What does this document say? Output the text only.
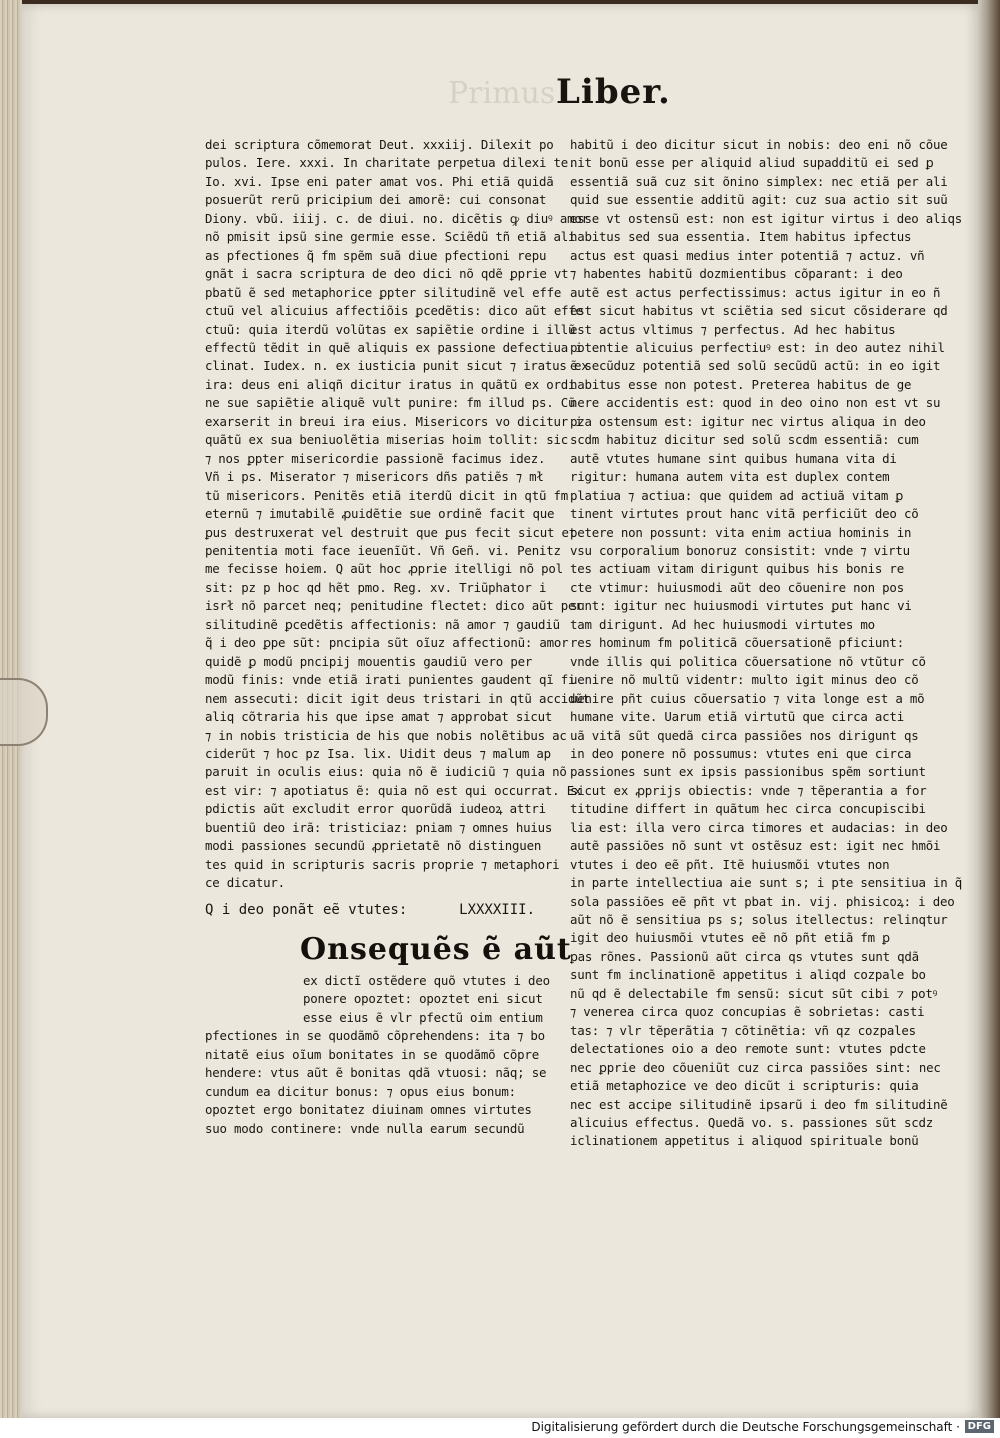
Primus Liber.
dei scriptura cõmemorat Deut. xxxiij. Dilexit po
pulos. Iere. xxxi. In charitate perpetua dilexi te.
Io. xvi. Ipse eni pater amat vos. Phi etiã quidã
posuerũt rerũ pricipium dei amorẽ: cui consonat
Diony. vbũ. iiij. c. de diui. no. dicẽtis ꝙ diuꝰ amor
nõ pmisit ipsũ sine germie esse. Sciẽdũ tñ etiã ali
as pfectiones q̃ fm spẽm suã diue pfectioni repu
gnãt i sacra scriptura de deo dici nõ qdẽ ꝑprie vt
pbatũ ẽ sed metaphorice ꝑpter silitudinẽ vel effe
ctuũ vel alicuius affectiõis ꝑcedẽtis: dico aũt effe
ctuũ: quia iterdũ volũtas ex sapiẽtie ordine i illũ
effectũ tẽdit in quẽ aliquis ex passione defectiua i
clinat. Iudex. n. ex iusticia punit sicut ⁊ iratus ex
ira: deus eni aliqñ dicitur iratus in quãtũ ex ordi
ne sue sapiẽtie aliquẽ vult punire: fm illud ps. Cũ
exarserit in breui ira eius. Misericors vo dicitur i
quãtũ ex sua beniuolẽtia miserias hoim tollit: sic
⁊ nos ꝑpter misericordie passionẽ facimus idez.
Vñ i ps. Miserator ⁊ misericors dñs patiẽs ⁊ mł
tũ misericors. Penitẽs etiã iterdũ dicit in qtũ fm
eternũ ⁊ imutabilẽ ꝓuidẽtie sue ordinẽ facit que
ꝑus destruxerat vel destruit que ꝑus fecit sicut et
penitentia moti face ieuenĩũt. Vñ Geñ. vi. Penitz
me fecisse hoiem. Q aũt hoc ꝓprie itelligi nõ pol
sit: pz p hoc qd hẽt pmo. Reg. xv. Triũphator i
isrł nõ parcet neq; penitudine flectet: dico aũt per
silitudinẽ ꝑcedẽtis affectionis: nã amor ⁊ gaudiũ
q̃ i deo ꝑpe sũt: pncipia sũt oĩuz affectionũ: amor
quidẽ ꝑ modũ pncipij mouentis gaudiũ vero per
modũ finis: vnde etiã irati punientes gaudent qĩ fi
nem assecuti: dicit igit deus tristari in qtũ accidũt
aliq cõtraria his que ipse amat ⁊ approbat sicut
⁊ in nobis tristicia de his que nobis nolẽtibus ac
ciderũt ⁊ hoc pz Isa. lix. Uidit deus ⁊ malum ap
paruit in oculis eius: quia nõ ẽ iudiciũ ⁊ quia nõ
est vir: ⁊ apotiatus ẽ: quia nõ est qui occurrat. Ex
pdictis aũt excludit error quorũdã iudeoꝝ attri
buentiũ deo irã: tristiciaz: pniam ⁊ omnes huius
modi passiones secundũ ꝓprietatẽ nõ distinguen
tes quid in scripturis sacris proprie ⁊ metaphori
ce dicatur.
Q i deo ponãt eẽ vtutes:	LXXXXIII.
Onsequẽs ẽ aũt
ex dictĩ ostẽdere quõ vtutes i deo
ponere opoztet: opoztet eni sicut
esse eius ẽ vlr pfectũ oim entium
pfectiones in se quodãmõ cõprehendens: ita ⁊ bo
nitatẽ eius oĩum bonitates in se quodãmõ cõpre
hendere: vtus aũt ẽ bonitas qdã vtuosi: nãq; se
cundum ea dicitur bonus: ⁊ opus eius bonum:
opoztet ergo bonitatez diuinam omnes virtutes
suo modo continere: vnde nulla earum secundũ
habitũ i deo dicitur sicut in nobis: deo eni nõ cõue
nit bonũ esse per aliquid aliud supadditũ ei sed ꝑ
essentiã suã cuz sit õnino simplex: nec etiã per ali
quid sue essentie additũ agit: cuz sua actio sit suũ
esse vt ostensũ est: non est igitur virtus i deo aliqs
habitus sed sua essentia. Item habitus ipfectus
actus est quasi medius inter potentiã ⁊ actuz. vñ
⁊ habentes habitũ dozmientibus cõparant: i deo
autẽ est actus perfectissimus: actus igitur in eo ñ
est sicut habitus vt sciẽtia sed sicut cõsiderare qd
est actus vltimus ⁊ perfectus. Ad hec habitus
potentie alicuius perfectiuꝰ est: in deo autez nihil
ẽ secũduz potentiã sed solũ secũdũ actũ: in eo igit
habitus esse non potest. Preterea habitus de ge
nere accidentis est: quod in deo oino non est vt su
pza ostensum est: igitur nec virtus aliqua in deo
scdm habituz dicitur sed solũ scdm essentiã: cum
autẽ vtutes humane sint quibus humana vita di
rigitur: humana autem vita est duplex contem
platiua ⁊ actiua: que quidem ad actiuã vitam ꝑ
tinent virtutes prout hanc vitã perficiũt deo cõ
petere non possunt: vita enim actiua hominis in
vsu corporalium bonoruz consistit: vnde ⁊ virtu
tes actiuam vitam dirigunt quibus his bonis re
cte vtimur: huiusmodi aũt deo cõuenire non pos
sunt: igitur nec huiusmodi virtutes ꝑut hanc vi
tam dirigunt. Ad hec huiusmodi virtutes mo
res hominum fm politicã cõuersationẽ pficiunt:
vnde illis qui politica cõuersatione nõ vtũtur cõ
uenire nõ multũ videntr: multo igit minus deo cõ
uenire pñt cuius cõuersatio ⁊ vita longe est a mõ
humane vite. Uarum etiã virtutũ que circa acti
uã vitã sũt quedã circa passiões nos dirigunt qs
in deo ponere nõ possumus: vtutes eni que circa
passiones sunt ex ipsis passionibus spẽm sortiunt
sicut ex ꝓprijs obiectis: vnde ⁊ tẽperantia a for
titudine differt in quãtum hec circa concupiscibi
lia est: illa vero circa timores et audacias: in deo
autẽ passiões nõ sunt vt ostẽsuz est: igit nec hmõi
vtutes i deo eẽ pñt. Itẽ huiusmõi vtutes non
in parte intellectiua aie sunt s; i pte sensitiua in q̃
sola passiões eẽ pñt vt pbat in. vij. phisicoꝝ: i deo
aũt nõ ẽ sensitiua ps s; solus itellectus: relinqtur
igit deo huiusmõi vtutes eẽ nõ pñt etiã fm ꝑ
ꝑas rõnes. Passionũ aũt circa qs vtutes sunt qdã
sunt fm inclinationẽ appetitus i aliqd cozpale bo
nũ qd ẽ delectabile fm sensũ: sicut sũt cibi ⁊ potꝰ
⁊ venerea circa quoz concupias ẽ sobrietas: casti
tas: ⁊ vlr tẽperãtia ⁊ cõtinẽtia: vñ qz cozpales
delectationes oio a deo remote sunt: vtutes pdcte
nec ꝑprie deo cõueniũt cuz circa passiões sint: nec
etiã metaphozice ve deo dicũt i scripturis: quia
nec est accipe silitudinẽ ipsarũ i deo fm silitudinẽ
alicuius effectus. Quedã vo. s. passiones sũt scdz
iclinationem appetitus i aliquod spirituale bonũ
Digitalisierung gefördert durch die Deutsche Forschungsgemeinschaft · DFG
